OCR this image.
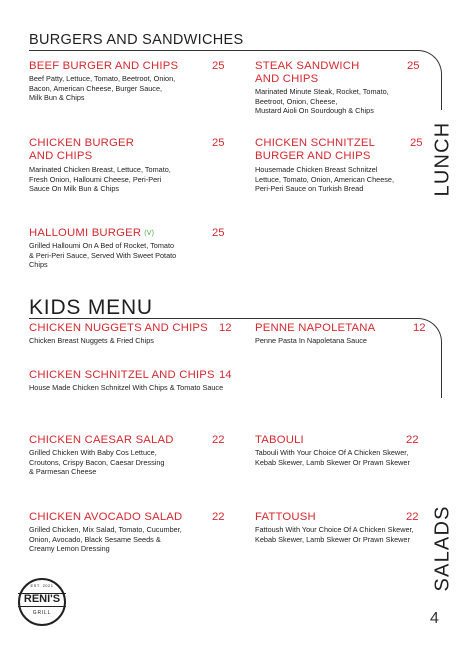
BURGERS AND SANDWICHES
KIDS MENU
LUNCH
SALADS
BEEF BURGER AND CHIPS	25
Beef Patty, Lettuce, Tomato, Beetroot, Onion,
Bacon, American Cheese, Burger Sauce,
Milk Bun & Chips
STEAK SANDWICH
AND CHIPS
25
Marinated Minute Steak, Rocket, Tomato,
Beetroot, Onion, Cheese,
Mustard Aioli On Sourdough & Chips
CHICKEN BURGER
AND CHIPS
25
Marinated Chicken Breast, Lettuce, Tomato,
Fresh Onion, Halloumi Cheese, Peri-Peri
Sauce On Milk Bun & Chips
CHICKEN SCHNITZEL
BURGER AND CHIPS
25
Housemade Chicken Breast Schnitzel
Lettuce, Tomato, Onion, American Cheese,
Peri-Peri Sauce on Turkish Bread
HALLOUMI BURGER (V)	25
Grilled Halloumi On A Bed of Rocket, Tomato
& Peri-Peri Sauce, Served With Sweet Potato
Chips
CHICKEN NUGGETS AND CHIPS 12
Chicken Breast Nuggets & Fried Chips
PENNE NAPOLETANA	12
Penne Pasta In Napoletana Sauce
CHICKEN SCHNITZEL AND CHIPS 14
House Made Chicken Schnitzel With Chips & Tomato Sauce
CHICKEN CAESAR SALAD	22
Grilled Chicken With Baby Cos Lettuce,
Croutons, Crispy Bacon, Caesar Dressing
& Parmesan Cheese
TABOULI	22
Tabouli With Your Choice Of A Chicken Skewer,
Kebab Skewer, Lamb Skewer Or Prawn Skewer
CHICKEN AVOCADO SALAD	22
Grilled Chicken, Mix Salad, Tomato, Cucumber,
Onion, Avocado, Black Sesame Seeds &
Creamy Lemon Dressing
FATTOUSH	22
Fattoush With Your Choice Of A Chicken Skewer,
Kebab Skewer, Lamb Skewer Or Prawn Skewer
EST. 2021
RENI'S
GRILL	4
